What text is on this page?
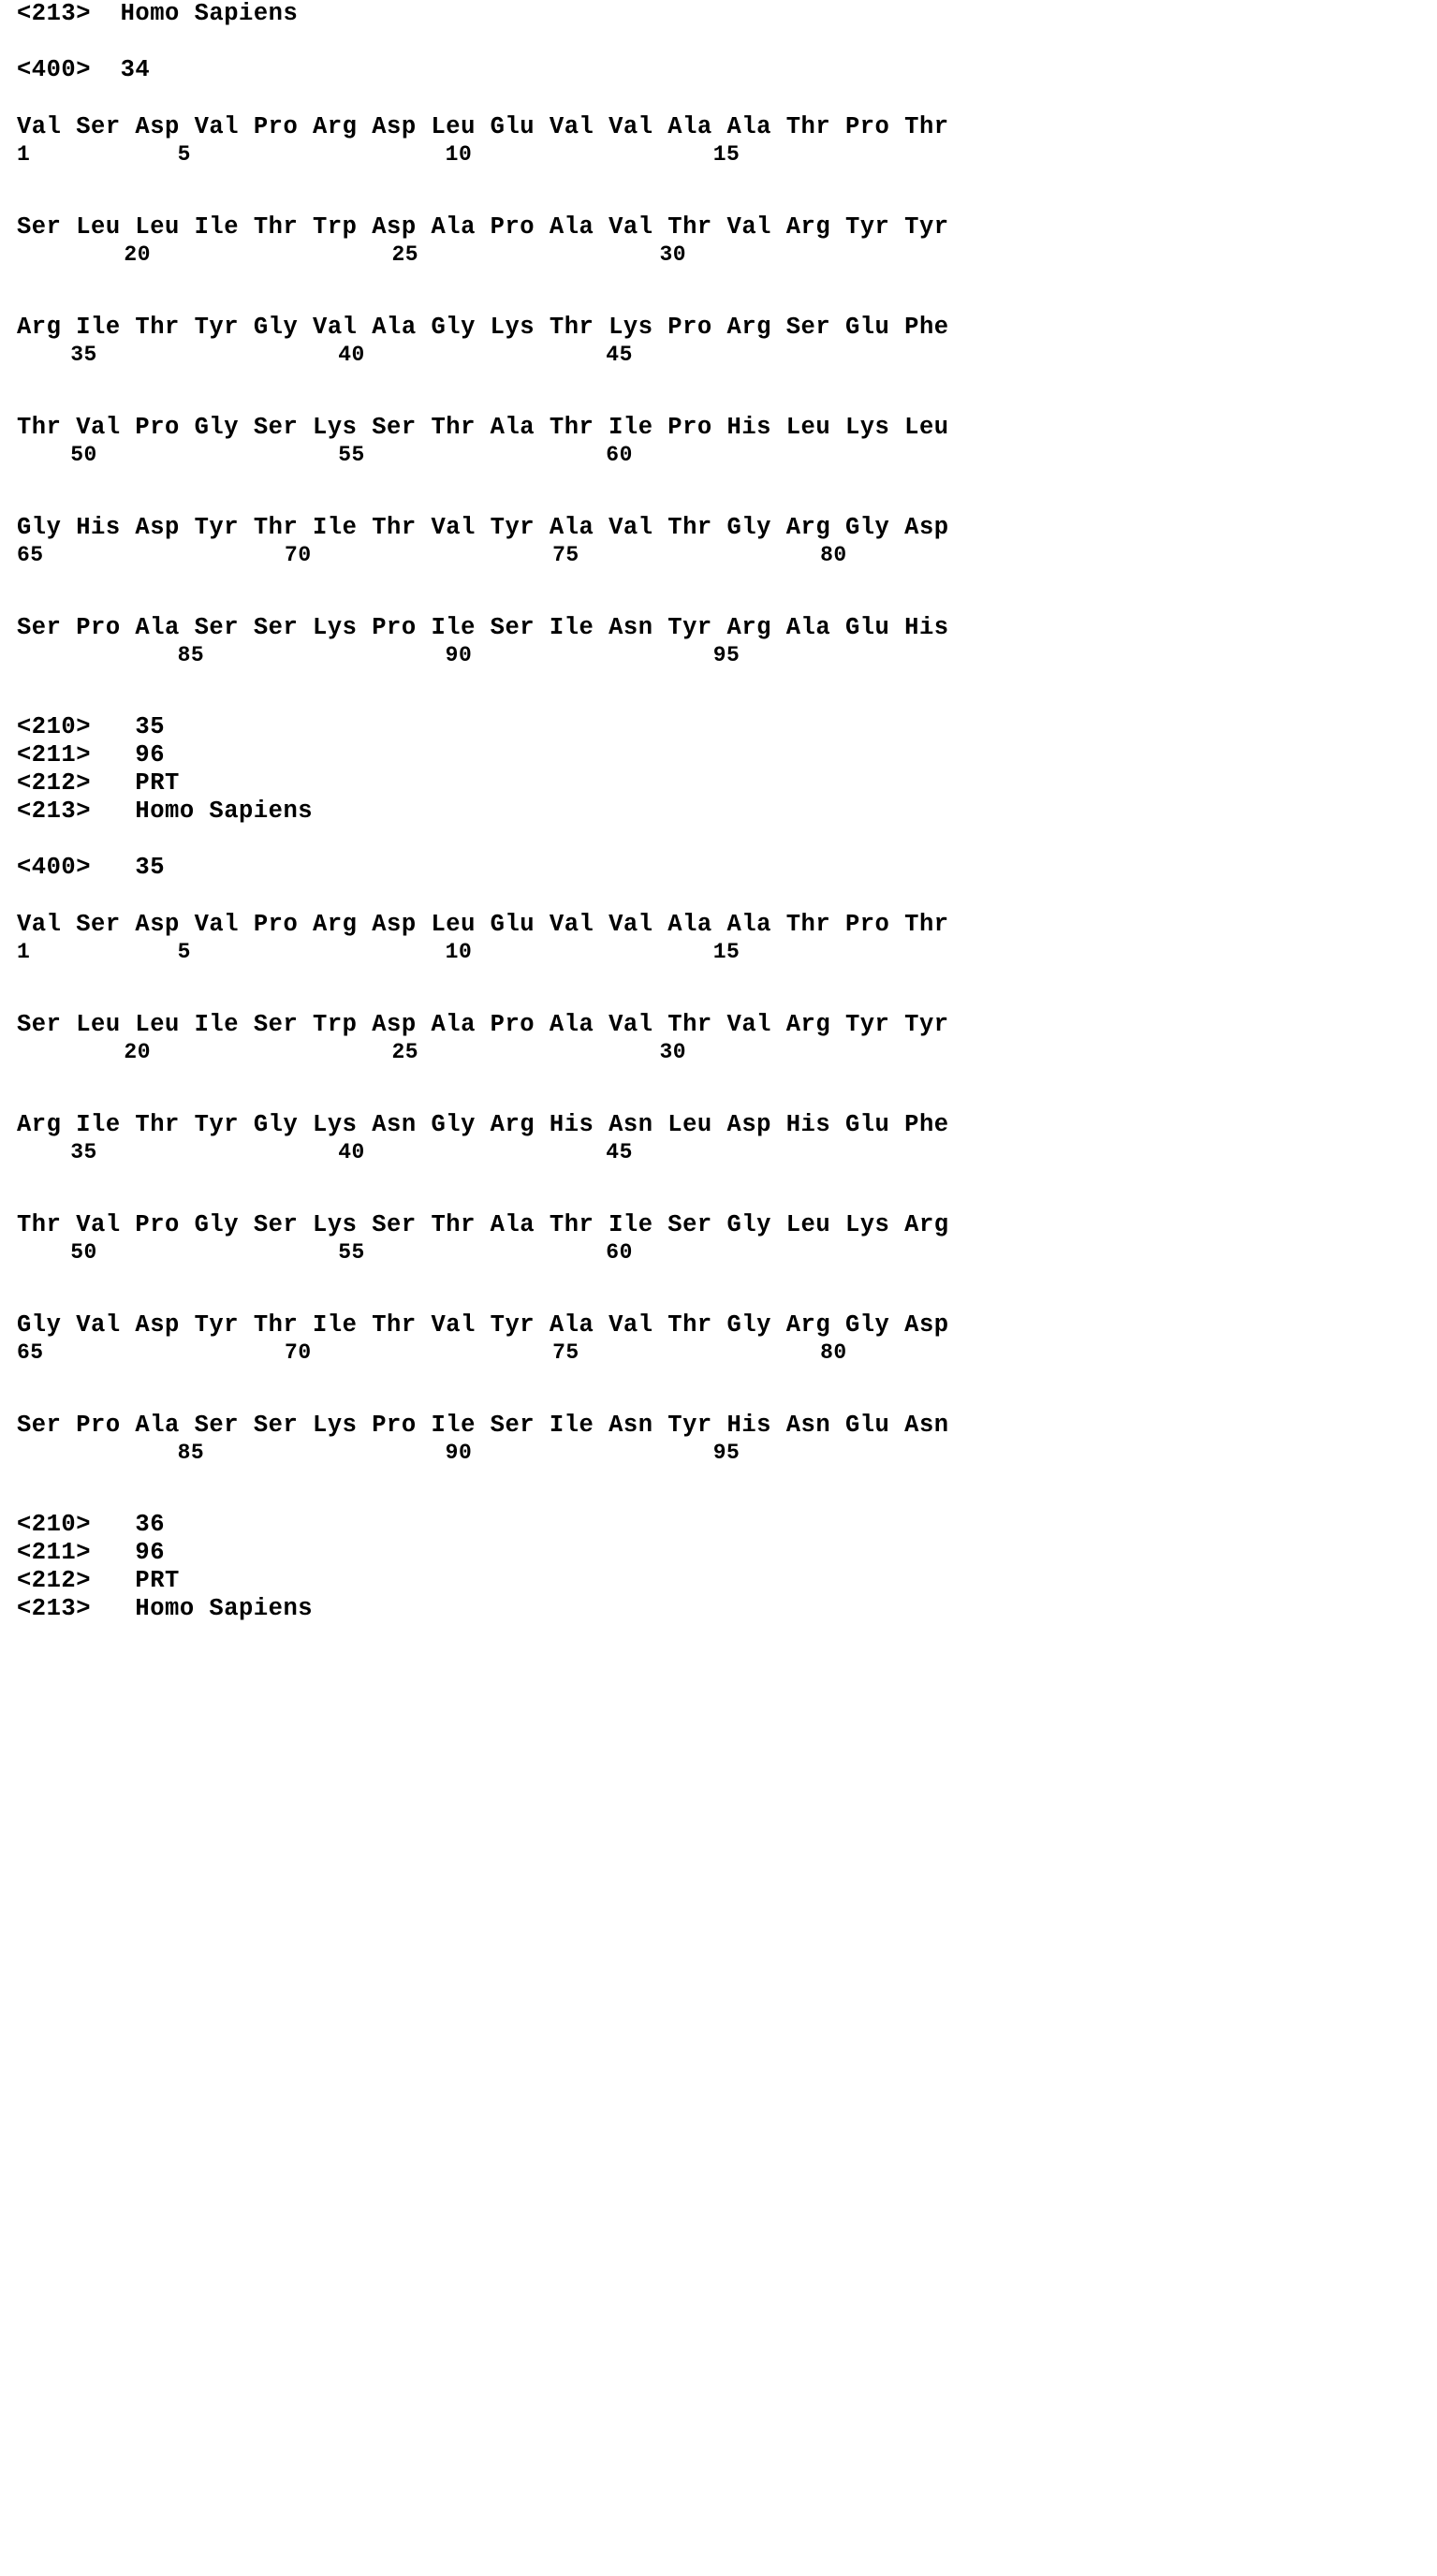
<213>  Homo Sapiens
<400>  34
Val Ser Asp Val Pro Arg Asp Leu Glu Val Val Ala Ala Thr Pro Thr
1           5                   10                  15
Ser Leu Leu Ile Thr Trp Asp Ala Pro Ala Val Thr Val Arg Tyr Tyr
20                  25                  30
Arg Ile Thr Tyr Gly Val Ala Gly Lys Thr Lys Pro Arg Ser Glu Phe
35                  40                  45
Thr Val Pro Gly Ser Lys Ser Thr Ala Thr Ile Pro His Leu Lys Leu
50                  55                  60
Gly His Asp Tyr Thr Ile Thr Val Tyr Ala Val Thr Gly Arg Gly Asp
65                  70                  75                  80
Ser Pro Ala Ser Ser Lys Pro Ile Ser Ile Asn Tyr Arg Ala Glu His
85                  90                  95
<210>   35
<211>   96
<212>   PRT
<213>   Homo Sapiens
<400>   35
Val Ser Asp Val Pro Arg Asp Leu Glu Val Val Ala Ala Thr Pro Thr
1           5                   10                  15
Ser Leu Leu Ile Ser Trp Asp Ala Pro Ala Val Thr Val Arg Tyr Tyr
20                  25                  30
Arg Ile Thr Tyr Gly Lys Asn Gly Arg His Asn Leu Asp His Glu Phe
35                  40                  45
Thr Val Pro Gly Ser Lys Ser Thr Ala Thr Ile Ser Gly Leu Lys Arg
50                  55                  60
Gly Val Asp Tyr Thr Ile Thr Val Tyr Ala Val Thr Gly Arg Gly Asp
65                  70                  75                  80
Ser Pro Ala Ser Ser Lys Pro Ile Ser Ile Asn Tyr His Asn Glu Asn
85                  90                  95
<210>   36
<211>   96
<212>   PRT
<213>   Homo Sapiens
